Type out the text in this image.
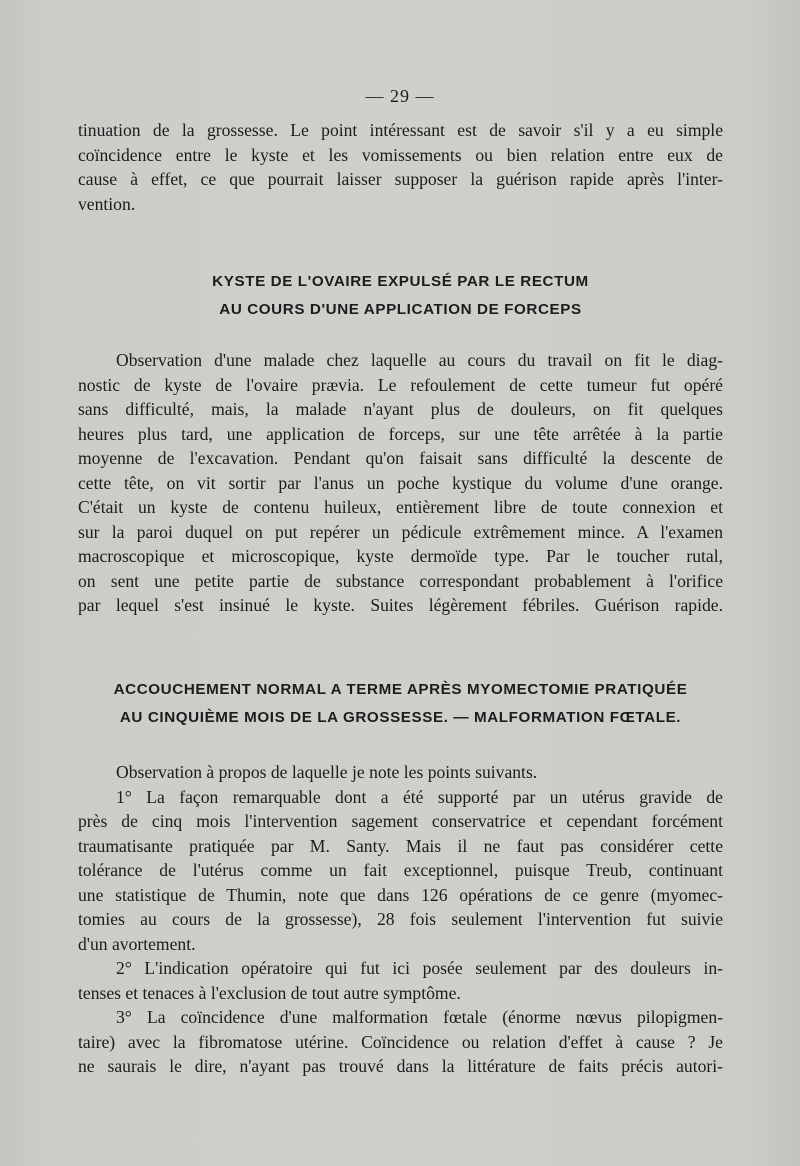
— 29 —

tinuation de la grossesse. Le point intéressant est de savoir s'il y a eu simple
coïncidence entre le kyste et les vomissements ou bien relation entre eux de
cause à effet, ce que pourrait laisser supposer la guérison rapide après l'inter-
vention.

KYSTE DE L'OVAIRE EXPULSÉ PAR LE RECTUM
AU COURS D'UNE APPLICATION DE FORCEPS

Observation d'une malade chez laquelle au cours du travail on fit le diag-
nostic de kyste de l'ovaire prævia. Le refoulement de cette tumeur fut opéré
sans difficulté, mais, la malade n'ayant plus de douleurs, on fit quelques
heures plus tard, une application de forceps, sur une tête arrêtée à la partie
moyenne de l'excavation. Pendant qu'on faisait sans difficulté la descente de
cette tête, on vit sortir par l'anus un poche kystique du volume d'une orange.
C'était un kyste de contenu huileux, entièrement libre de toute connexion et
sur la paroi duquel on put repérer un pédicule extrêmement mince. A l'examen
macroscopique et microscopique, kyste dermoïde type. Par le toucher rutal,
on sent une petite partie de substance correspondant probablement à l'orifice
par lequel s'est insinué le kyste. Suites légèrement fébriles. Guérison rapide.

ACCOUCHEMENT NORMAL A TERME APRÈS MYOMECTOMIE PRATIQUÉE
AU CINQUIÈME MOIS DE LA GROSSESSE. — MALFORMATION FŒTALE.

Observation à propos de laquelle je note les points suivants.

1° La façon remarquable dont a été supporté par un utérus gravide de
près de cinq mois l'intervention sagement conservatrice et cependant forcément
traumatisante pratiquée par M. Santy. Mais il ne faut pas considérer cette
tolérance de l'utérus comme un fait exceptionnel, puisque Treub, continuant
une statistique de Thumin, note que dans 126 opérations de ce genre (myomec-
tomies au cours de la grossesse), 28 fois seulement l'intervention fut suivie
d'un avortement.

2° L'indication opératoire qui fut ici posée seulement par des douleurs in-
tenses et tenaces à l'exclusion de tout autre symptôme.

3° La coïncidence d'une malformation fœtale (énorme nœvus pilopigmen-
taire) avec la fibromatose utérine. Coïncidence ou relation d'effet à cause ? Je
ne saurais le dire, n'ayant pas trouvé dans la littérature de faits précis autori-
